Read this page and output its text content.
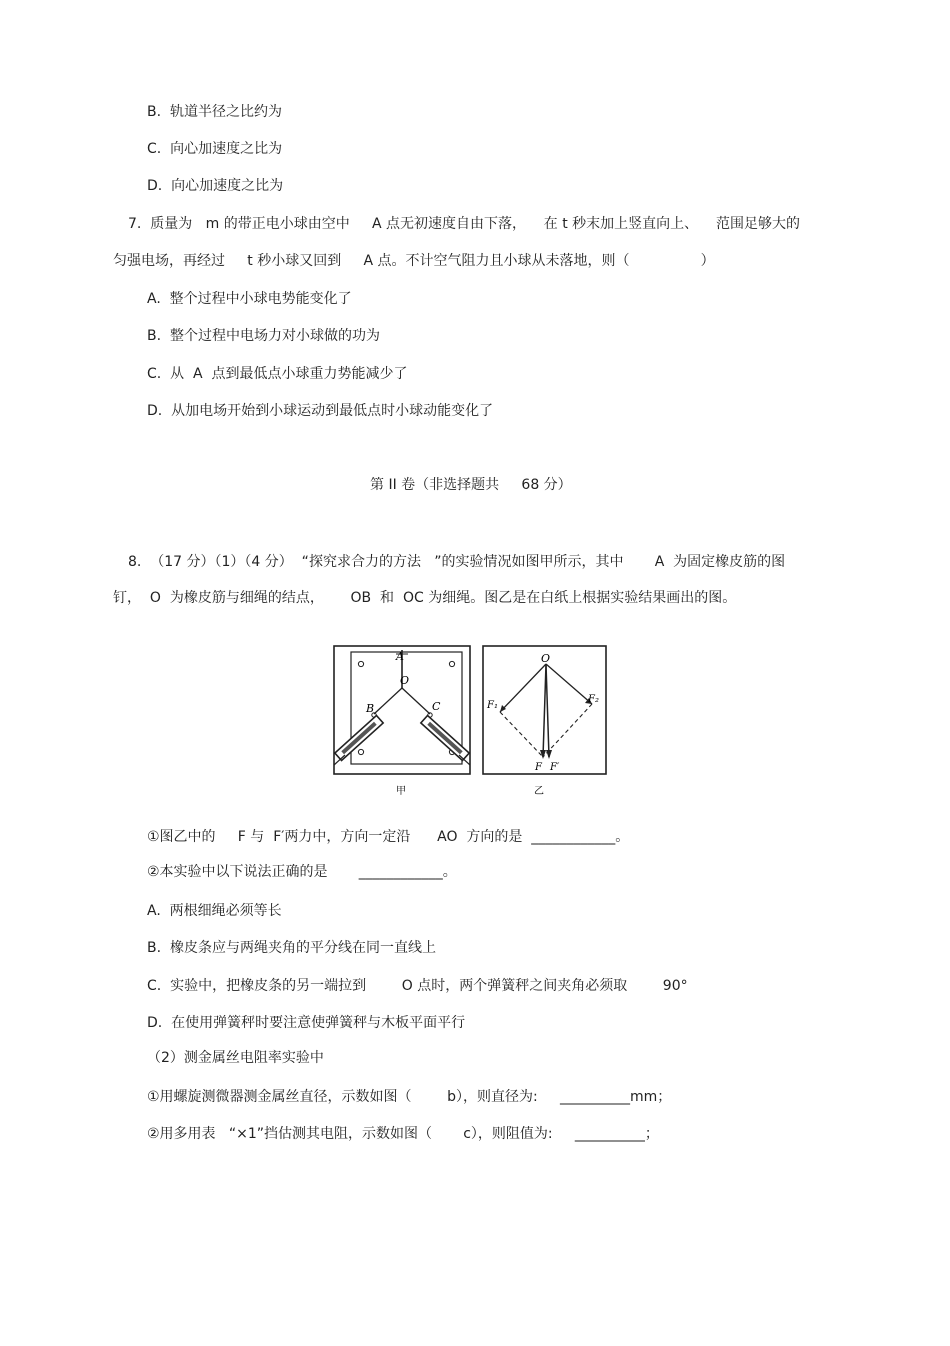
B.  轨道半径之比约为
C.  向心加速度之比为
D.  向心加速度之比为
7.  质量为   m 的带正电小球由空中     A 点无初速度自由下落，    在 t 秒末加上竖直向上、    范围足够大的
匀强电场，再经过     t 秒小球又回到     A 点。不计空气阻力且小球从未落地，则（                ）
A.  整个过程中小球电势能变化了
B.  整个过程中电场力对小球做的功为
C.  从  A  点到最低点小球重力势能减少了
D.  从加电场开始到小球运动到最低点时小球动能变化了
第 II 卷（非选择题共     68 分）
8.  （17 分）（1）（4 分）  “探究求合力的方法   ”的实验情况如图甲所示，其中       A  为固定橡皮筋的图
钉，  O  为橡皮筋与细绳的结点，      OB  和  OC 为细绳。图乙是在白纸上根据实验结果画出的图。
A
O
B	C
甲
O
F₁
F₂
F F′
乙
①图乙中的     F 与  F′两力中，方向一定沿      AO  方向的是  ____________。
②本实验中以下说法正确的是       ____________。
A.  两根细绳必须等长
B.  橡皮条应与两绳夹角的平分线在同一直线上
C.  实验中，把橡皮条的另一端拉到        O 点时，两个弹簧秤之间夹角必须取        90°
D.  在使用弹簧秤时要注意使弹簧秤与木板平面平行
（2）测金属丝电阻率实验中
①用螺旋测微器测金属丝直径，示数如图（        b），则直径为:     __________mm；
②用多用表   “×1”挡估测其电阻，示数如图（       c），则阻值为:     __________；
